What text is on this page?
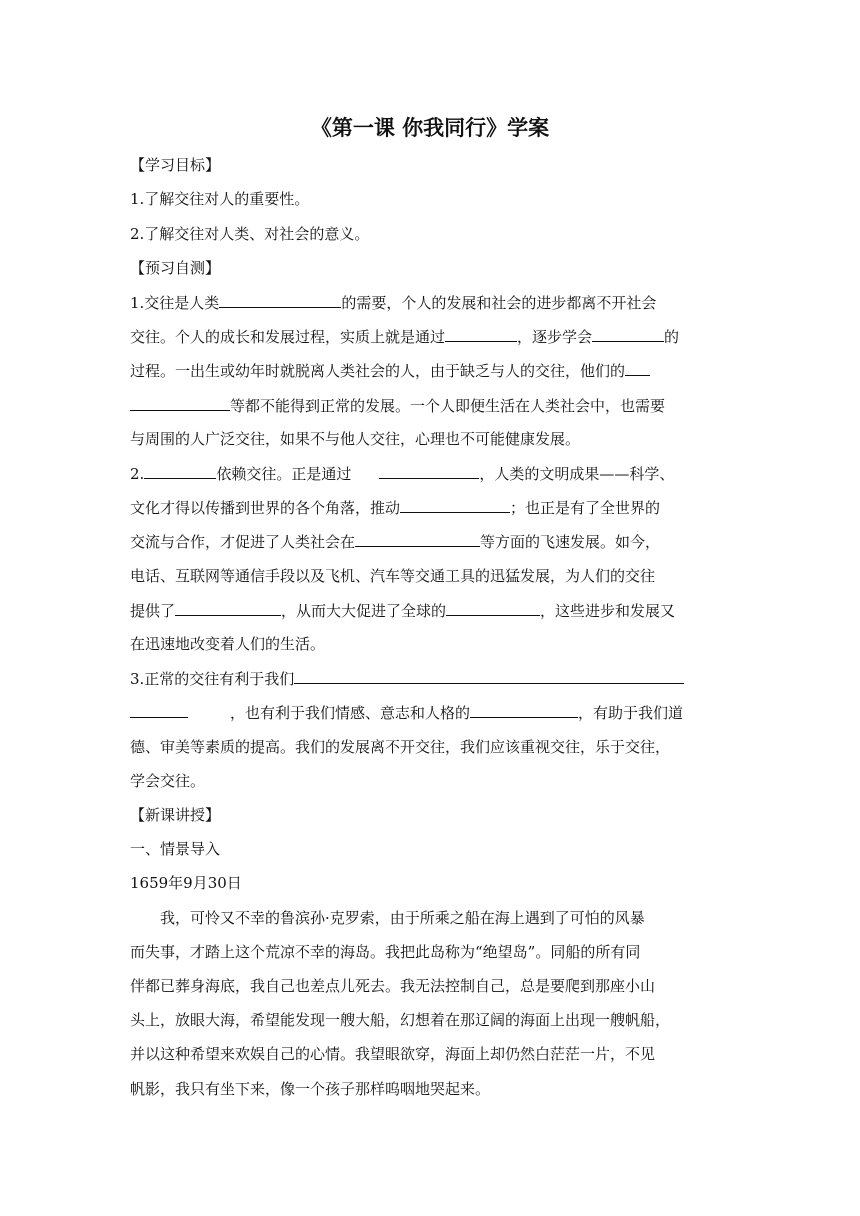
《第一课 你我同行》学案
【学习目标】
1.了解交往对人的重要性。
2.了解交往对人类、对社会的意义。
【预习自测】
1.交往是人类	的需要，个人的发展和社会的进步都离不开社会
交往。个人的成长和发展过程，实质上就是通过	，逐步学会	的
过程。一出生或幼年时就脱离人类社会的人，由于缺乏与人的交往，他们的
等都不能得到正常的发展。一个人即便生活在人类社会中，也需要
与周围的人广泛交往，如果不与他人交往，心理也不可能健康发展。
2.	依赖交往。正是通过	，人类的文明成果——科学、
文化才得以传播到世界的各个角落，推动	；也正是有了全世界的
交流与合作，才促进了人类社会在	等方面的飞速发展。如今，
电话、互联网等通信手段以及飞机、汽车等交通工具的迅猛发展，为人们的交往
提供了	，从而大大促进了全球的	，这些进步和发展又
在迅速地改变着人们的生活。
3.正常的交往有利于我们
，也有利于我们情感、意志和人格的	，有助于我们道
德、审美等素质的提高。我们的发展离不开交往，我们应该重视交往，乐于交往，
学会交往。
【新课讲授】
一、情景导入
1659年9月30日
我，可怜又不幸的鲁滨孙·克罗索，由于所乘之船在海上遇到了可怕的风暴
而失事，才踏上这个荒凉不幸的海岛。我把此岛称为“绝望岛”。同船的所有同
伴都已葬身海底，我自己也差点儿死去。我无法控制自己，总是要爬到那座小山
头上，放眼大海，希望能发现一艘大船，幻想着在那辽阔的海面上出现一艘帆船，
并以这种希望来欢娱自己的心情。我望眼欲穿，海面上却仍然白茫茫一片，不见
帆影，我只有坐下来，像一个孩子那样呜咽地哭起来。
